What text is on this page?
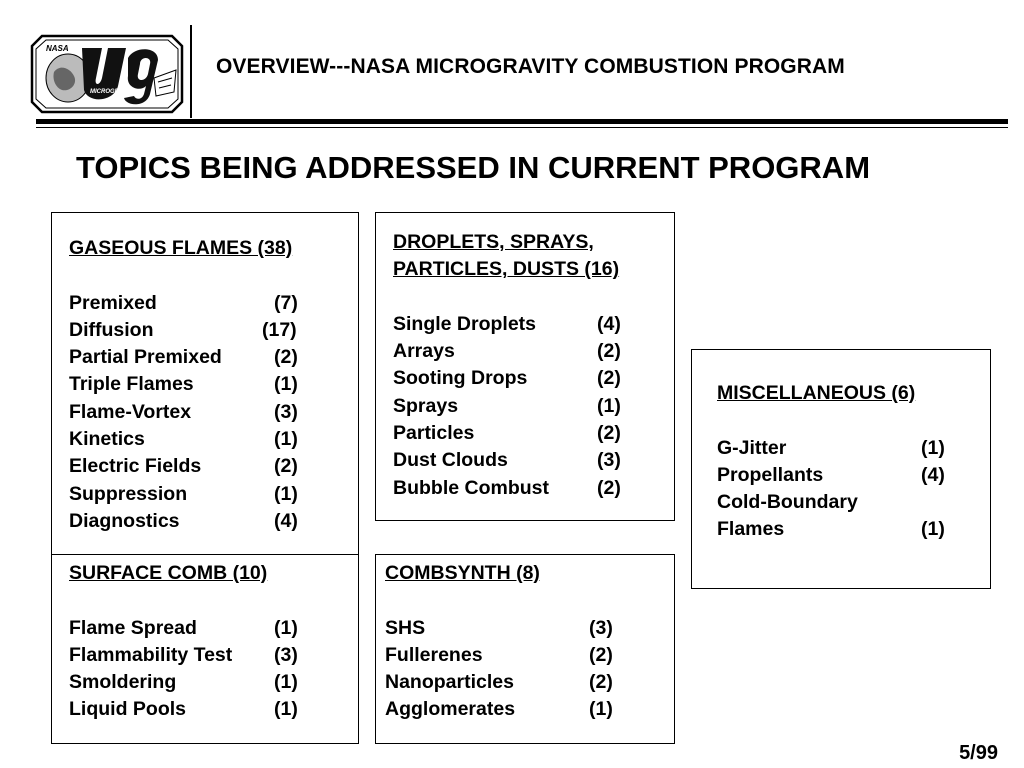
NASA
MICROGRAVITY
OVERVIEW---NASA MICROGRAVITY COMBUSTION PROGRAM
TOPICS BEING ADDRESSED IN CURRENT PROGRAM
GASEOUS FLAMES (38)
Premixed	(7)
Diffusion	(17)
Partial Premixed	(2)
Triple Flames	(1)
Flame-Vortex	(3)
Kinetics	(1)
Electric Fields	(2)
Suppression	(1)
Diagnostics	(4)
SURFACE COMB (10)
Flame Spread	(1)
Flammability Test (3)
Smoldering	(1)
Liquid Pools	(1)
DROPLETS, SPRAYS,
PARTICLES, DUSTS (16)
Single Droplets	(4)
Arrays	(2)
Sooting Drops	(2)
Sprays	(1)
Particles	(2)
Dust Clouds	(3)
Bubble Combust (2)
COMBSYNTH (8)
SHS	(3)
Fullerenes	(2)
Nanoparticles	(2)
Agglomerates	(1)
MISCELLANEOUS (6)
G-Jitter	(1)
Propellants	(4)
Cold-Boundary
Flames	(1)
5/99
